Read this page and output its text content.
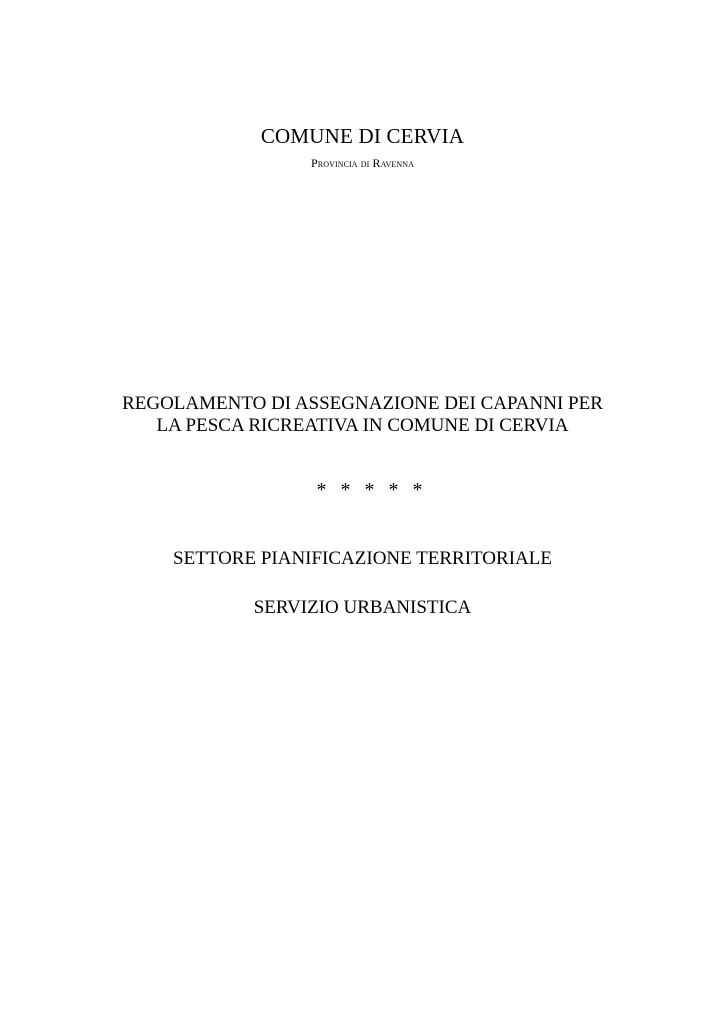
COMUNE DI CERVIA
Provincia di Ravenna
REGOLAMENTO DI ASSEGNAZIONE DEI CAPANNI PER
LA PESCA RICREATIVA IN COMUNE DI CERVIA
*****
SETTORE PIANIFICAZIONE TERRITORIALE
SERVIZIO URBANISTICA
